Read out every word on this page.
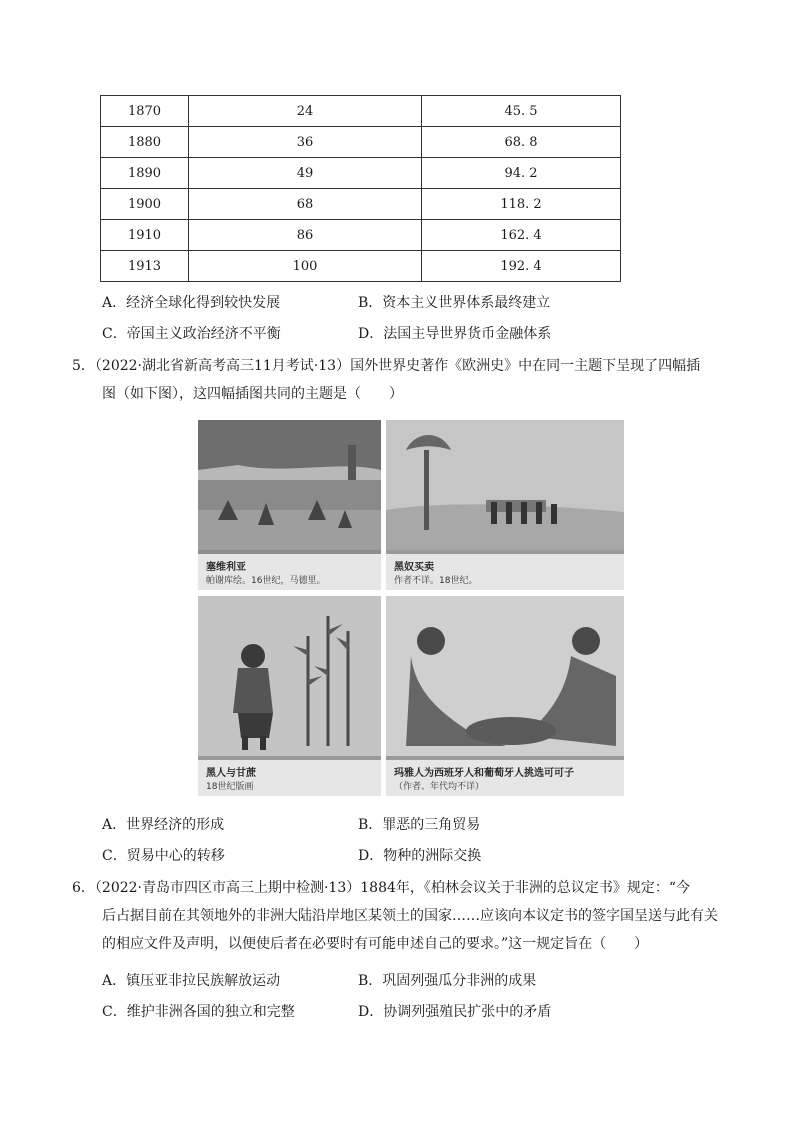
1870	24	45. 5
1880	36	68. 8
1890	49	94. 2
1900	68	118. 2
1910	86	162. 4
1913	100	192. 4
A．经济全球化得到较快发展	B．资本主义世界体系最终建立
C．帝国主义政治经济不平衡	D．法国主导世界货币金融体系
5．（2022·湖北省新高考高三11月考试·13）国外世界史著作《欧洲史》中在同一主题下呈现了四幅插
图（如下图），这四幅插图共同的主题是（　　）
塞维利亚
帕谢库绘。16世纪，马德里。
黑奴买卖
作者不详。18世纪。
黑人与甘蔗
18世纪版画
玛雅人为西班牙人和葡萄牙人挑选可可子
（作者、年代均不详）
A．世界经济的形成	B．罪恶的三角贸易
C．贸易中心的转移	D．物种的洲际交换
6．（2022·青岛市四区市高三上期中检测·13）1884年，《柏林会议关于非洲的总议定书》规定：“今
后占据目前在其领地外的非洲大陆沿岸地区某领土的国家……应该向本议定书的签字国呈送与此有关
的相应文件及声明，以便使后者在必要时有可能申述自己的要求。”这一规定旨在（　　）
A．镇压亚非拉民族解放运动	B．巩固列强瓜分非洲的成果
C．维护非洲各国的独立和完整	D．协调列强殖民扩张中的矛盾
